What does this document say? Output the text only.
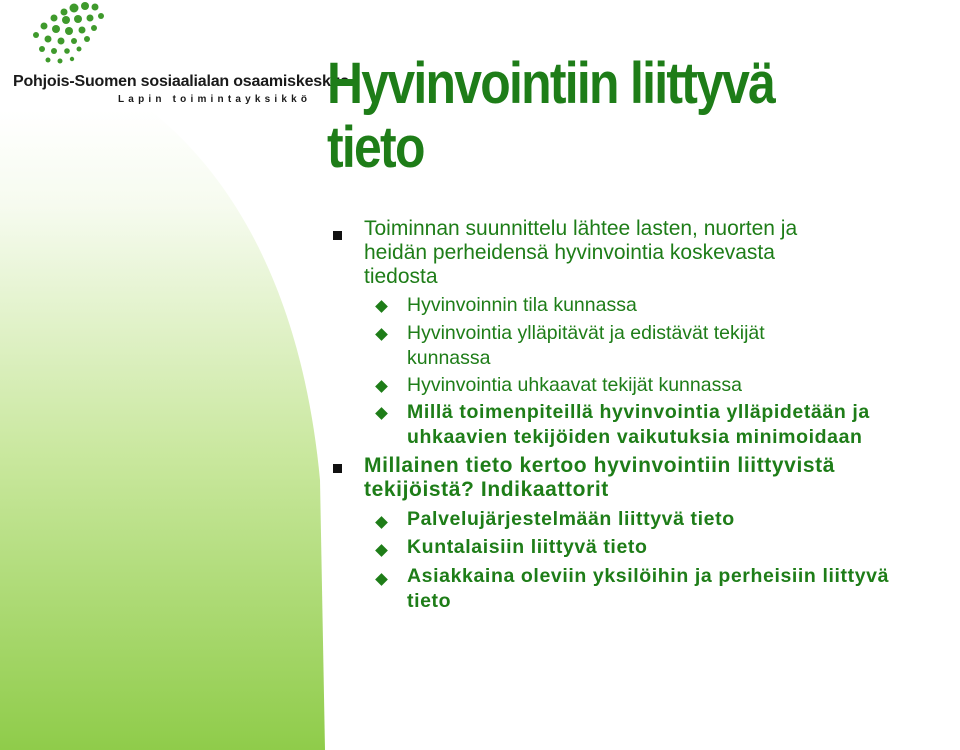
Pohjois-Suomen sosiaalialan osaamiskeskus
Lapin toimintayksikkö Hyvinvointiin liittyvä
tieto
Toiminnan suunnittelu lähtee lasten, nuorten ja
heidän perheidensä hyvinvointia koskevasta
tiedosta
Hyvinvoinnin tila kunnassa
Hyvinvointia ylläpitävät ja edistävät tekijät
kunnassa
Hyvinvointia uhkaavat tekijät kunnassa
Millä toimenpiteillä hyvinvointia ylläpidetään ja
uhkaavien tekijöiden vaikutuksia minimoidaan
Millainen tieto kertoo hyvinvointiin liittyvistä
tekijöistä? Indikaattorit
Palvelujärjestelmään liittyvä tieto
Kuntalaisiin liittyvä tieto
Asiakkaina oleviin yksilöihin ja perheisiin liittyvä
tieto
